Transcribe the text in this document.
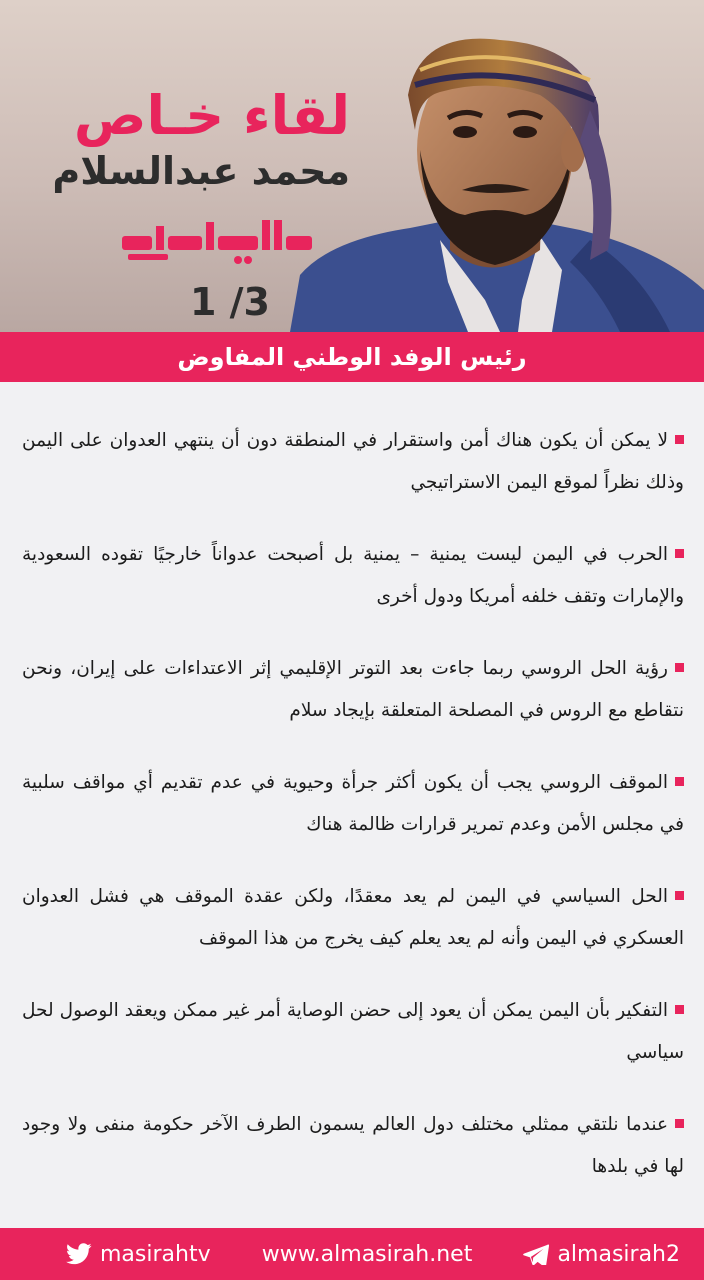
لقاء خـاص
محمد عبدالسلام
1 /3
رئيس الوفد الوطني المفاوض
لا يمكن أن يكون هناك أمن واستقرار في المنطقة دون أن ينتهي العدوان على اليمن وذلك نظراً لموقع اليمن الاستراتيجي
الحرب في اليمن ليست يمنية – يمنية بل أصبحت عدواناً خارجيًا تقوده السعودية والإمارات وتقف خلفه أمريكا ودول أخرى
رؤية الحل الروسي ربما جاءت بعد التوتر الإقليمي إثر الاعتداءات على إيران، ونحن نتقاطع مع الروس في المصلحة المتعلقة بإيجاد سلام
الموقف الروسي يجب أن يكون أكثر جرأة وحيوية في عدم تقديم أي مواقف سلبية في مجلس الأمن وعدم تمرير قرارات ظالمة هناك
الحل السياسي في اليمن لم يعد معقدًا، ولكن عقدة الموقف هي فشل العدوان العسكري في اليمن وأنه لم يعد يعلم كيف يخرج من هذا الموقف
التفكير بأن اليمن يمكن أن يعود إلى حضن الوصاية أمر غير ممكن ويعقد الوصول لحل سياسي
عندما نلتقي ممثلي مختلف دول العالم يسمون الطرف الآخر حكومة منفى ولا وجود لها في بلدها
masirahtv www.almasirah.net	almasirah2
